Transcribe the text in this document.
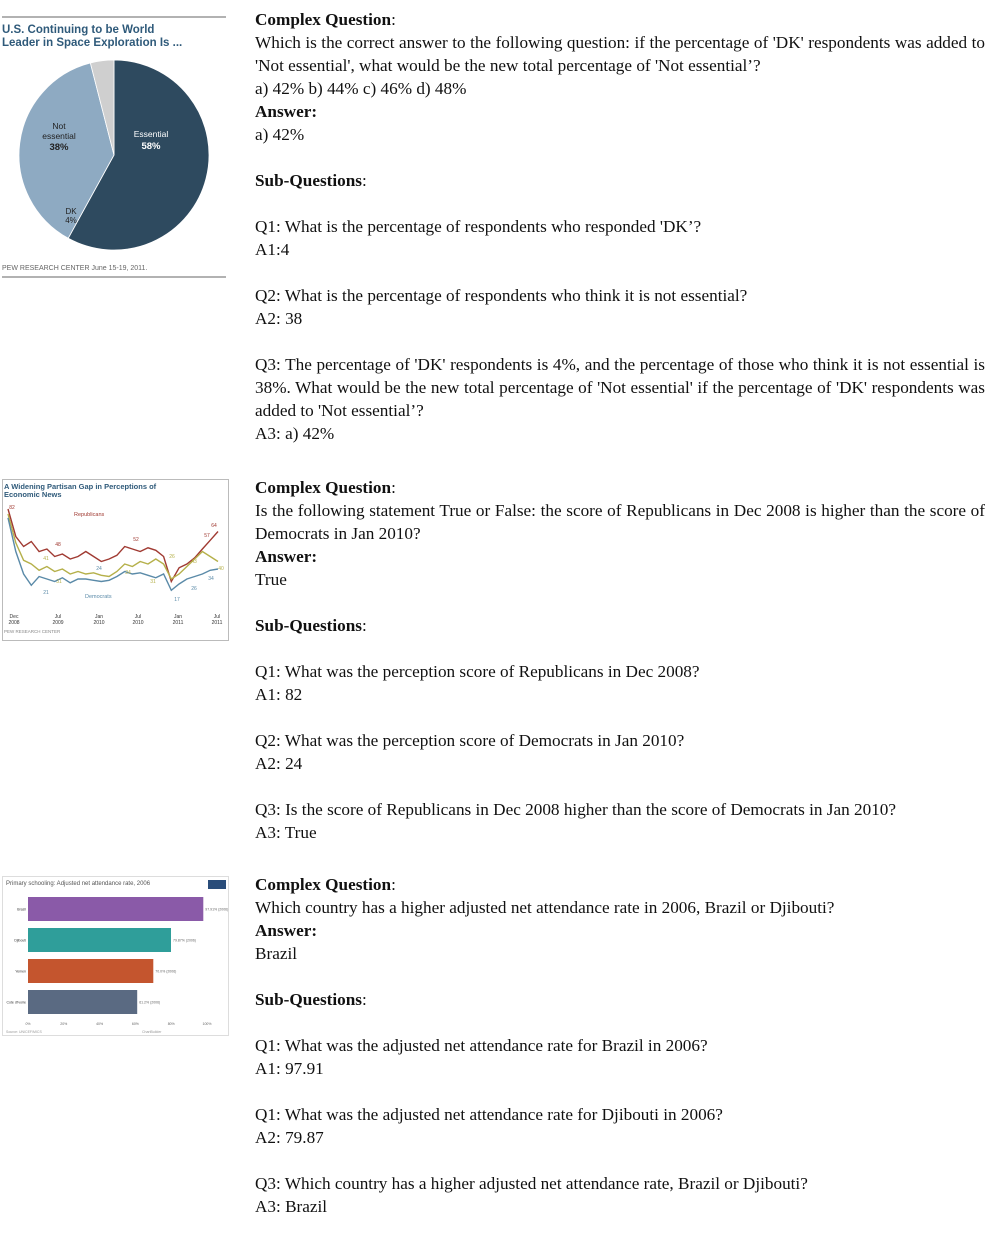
U.S. Continuing to be World
Leader in Space Exploration Is ...
Essential
58%
Not
essential
38%
DK
4%
PEW RESEARCH CENTER June 15-19, 2011.

Complex Question:

Which is the correct answer to the following question: if the percentage of 'DK' respondents was added to 'Not essential', what would be the new total percentage of 'Not essential’?

a) 42% b) 44% c) 46% d) 48%

Answer:

a) 42%

Sub-Questions:

Q1: What is the percentage of respondents who responded 'DK’?

A1:4

Q2: What is the percentage of respondents who think it is not essential?

A2: 38

Q3: The percentage of 'DK' respondents is 4%, and the percentage of those who think it is not essential is 38%. What would be the new total percentage of 'Not essential' if the percentage of 'DK' respondents was added to 'Not essential’?

A3: a) 42%

A Widening Partisan Gap in Perceptions of
Economic News
Dec
2008
Jul
2009
Jan
2010
Jul
2010
Jan
2011
Jul
2011
82
48
41
31
24
21
52
31
26
24
17
43
57
64
40
34
26
Republicans
Democrats
PEW RESEARCH CENTER

Complex Question:

Is the following statement True or False: the score of Republicans in Dec 2008 is higher than the score of Democrats in Jan 2010?

Answer:

True

Sub-Questions:

Q1: What was the perception score of Republicans in Dec 2008?

A1: 82

Q2: What was the perception score of Democrats in Jan 2010?

A2: 24

Q3: Is the score of Republicans in Dec 2008 higher than the score of Democrats in Jan 2010?

A3: True

Primary schooling: Adjusted net attendance rate, 2006
Brazil	97.91% (2006)
Djibouti	79.87% (2006)
Yemen	70.0% (2006)
Cote d'Ivoire	61.2% (2006)
0%	20%	40%	60%	80%	100%
Source: UNICEF/MICS	ChartBuilder

Complex Question:

Which country has a higher adjusted net attendance rate in 2006, Brazil or Djibouti?

Answer:

Brazil

Sub-Questions:

Q1: What was the adjusted net attendance rate for Brazil in 2006?

A1: 97.91

Q1: What was the adjusted net attendance rate for Djibouti in 2006?

A2: 79.87

Q3: Which country has a higher adjusted net attendance rate, Brazil or Djibouti?

A3: Brazil
